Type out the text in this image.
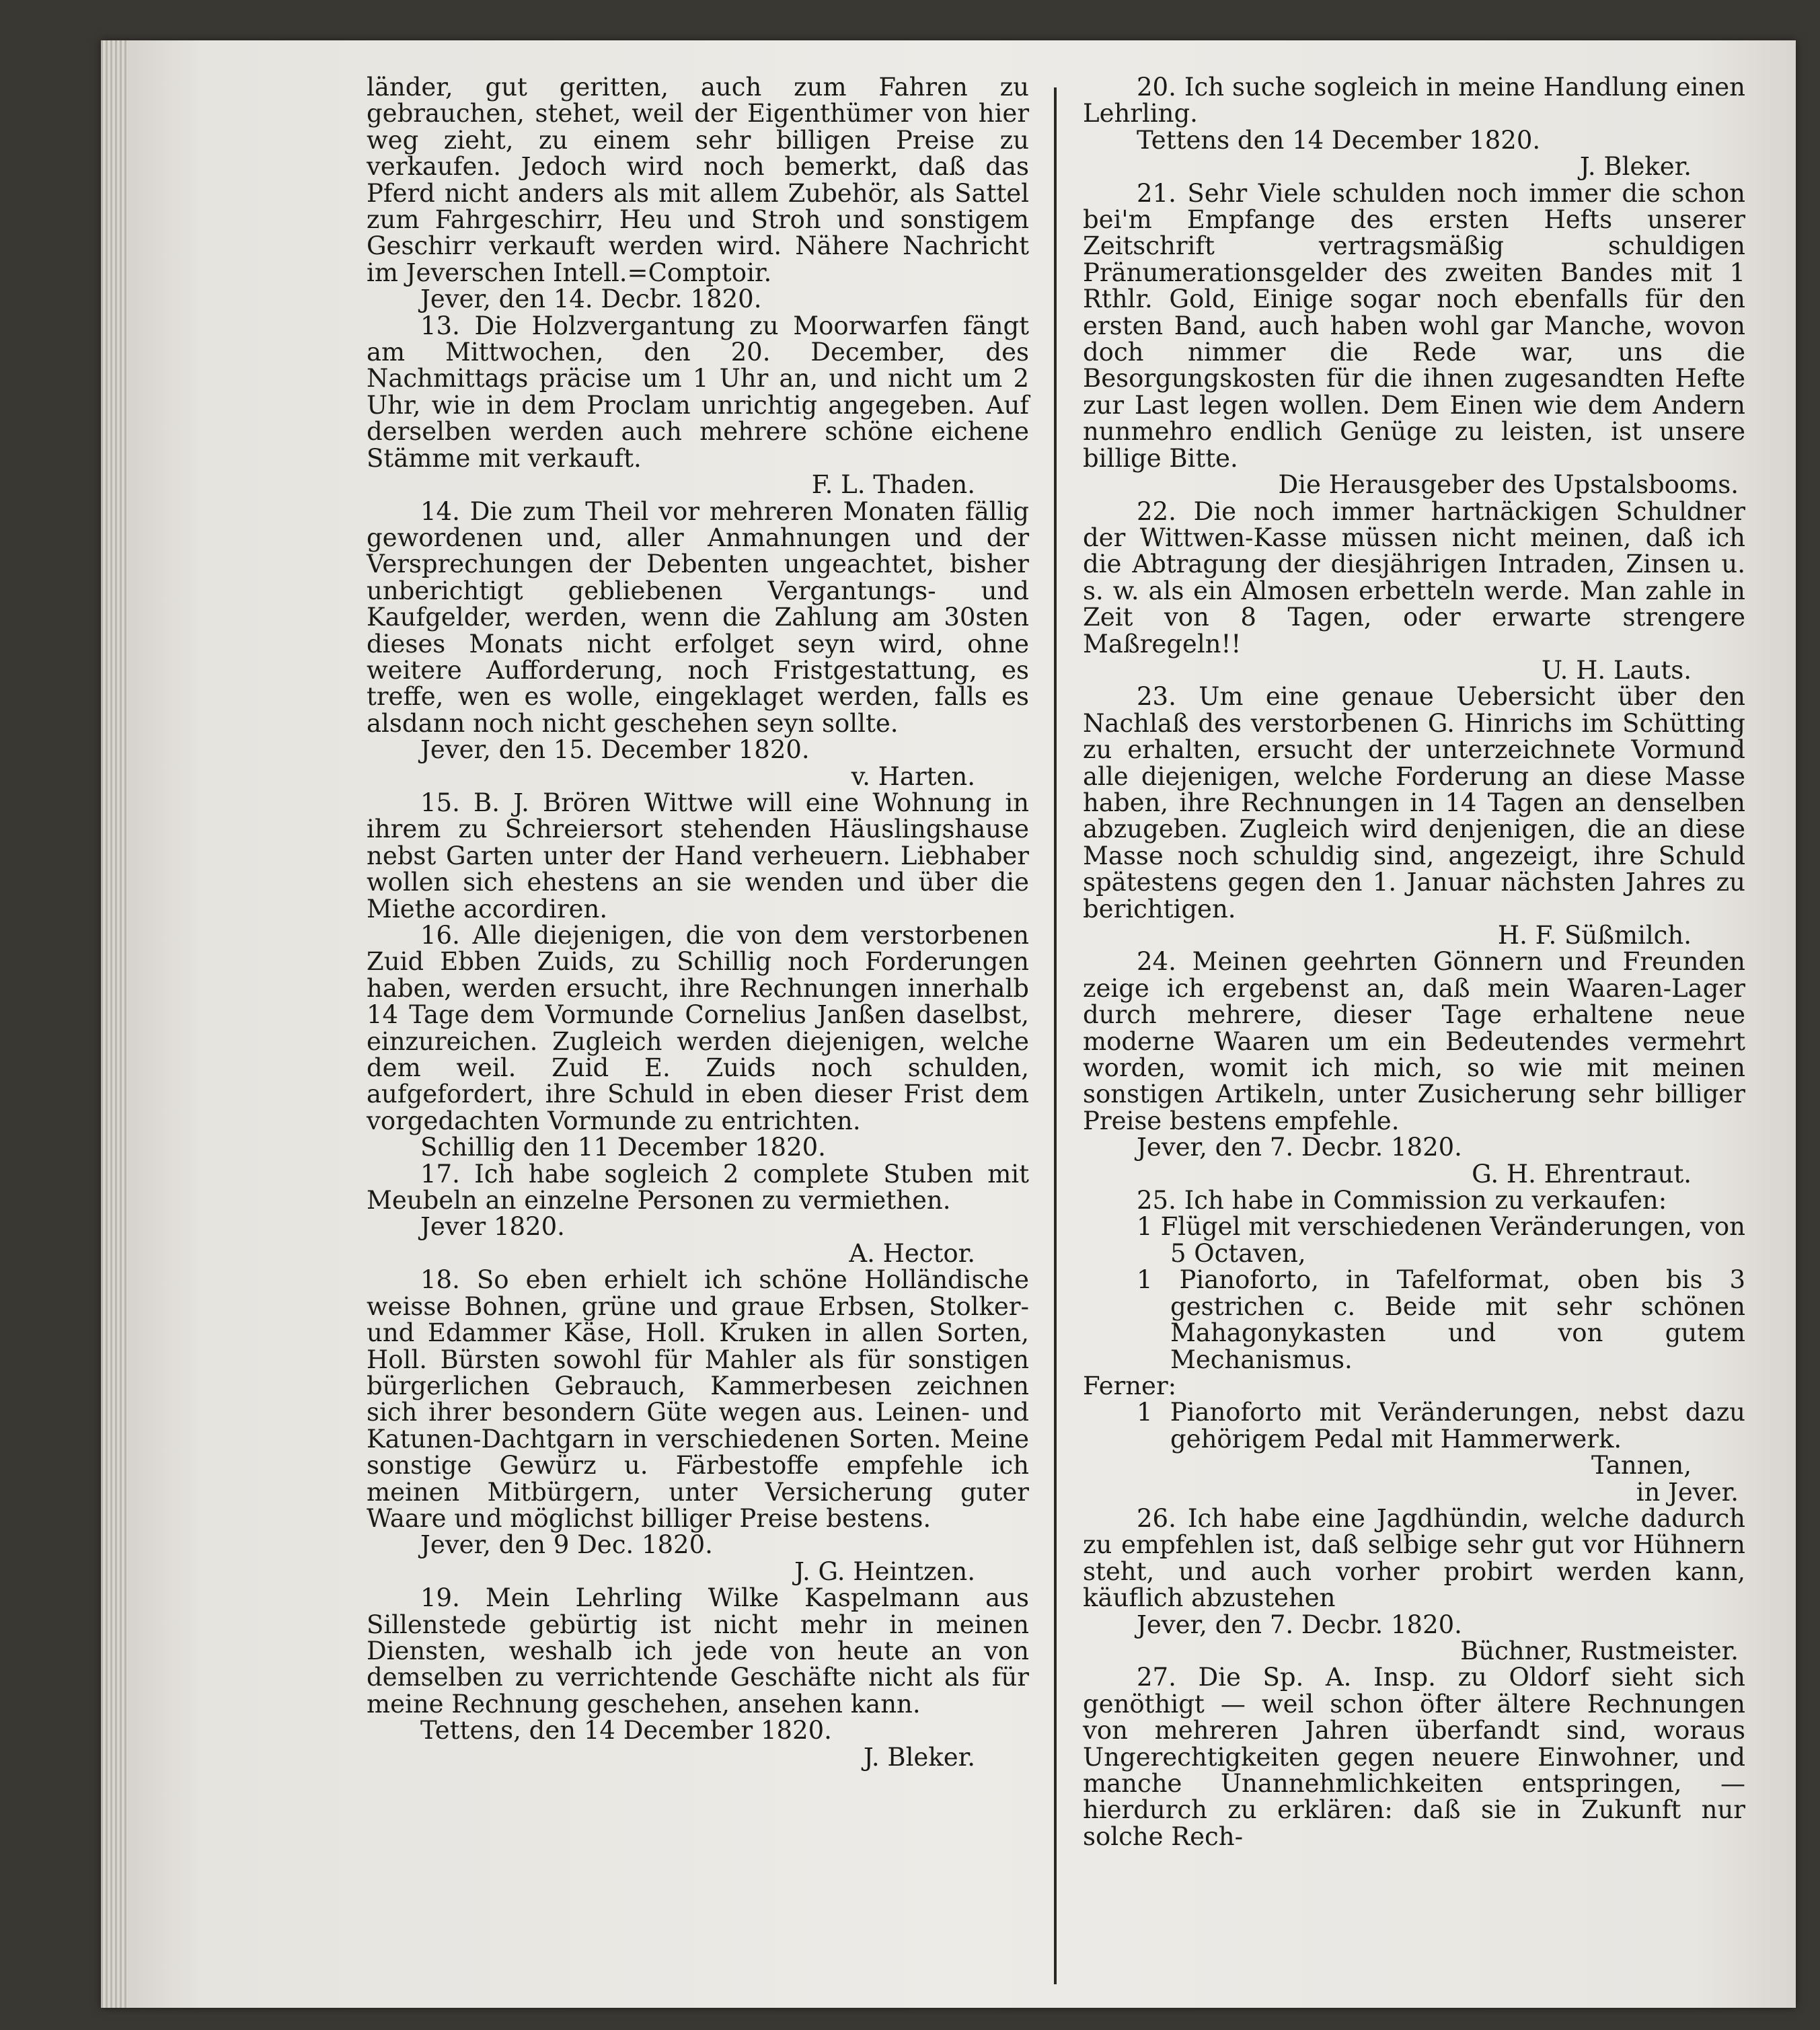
länder, gut geritten, auch zum Fahren zu gebrauchen, stehet, weil der Eigenthümer von hier weg zieht, zu einem sehr billigen Preise zu verkaufen. Jedoch wird noch bemerkt, daß das Pferd nicht anders als mit allem Zubehör, als Sattel zum Fahrgeschirr, Heu und Stroh und sonstigem Geschirr verkauft werden wird. Nähere Nachricht im Jeverschen Intell.=Comptoir.

Jever, den 14. Decbr. 1820.

13. Die Holzvergantung zu Moorwarfen fängt am Mittwochen, den 20. December, des Nachmittags präcise um 1 Uhr an, und nicht um 2 Uhr, wie in dem Proclam unrichtig angegeben. Auf derselben werden auch mehrere schöne eichene Stämme mit verkauft.

F. L. Thaden.

14. Die zum Theil vor mehreren Monaten fällig gewordenen und, aller Anmahnungen und der Versprechungen der Debenten ungeachtet, bisher unberichtigt gebliebenen Vergantungs- und Kaufgelder, werden, wenn die Zahlung am 30sten dieses Monats nicht erfolget seyn wird, ohne weitere Aufforderung, noch Fristgestattung, es treffe, wen es wolle, eingeklaget werden, falls es alsdann noch nicht geschehen seyn sollte.

Jever, den 15. December 1820.

v. Harten.

15. B. J. Brören Wittwe will eine Wohnung in ihrem zu Schreiersort stehenden Häuslingshause nebst Garten unter der Hand verheuern. Liebhaber wollen sich ehestens an sie wenden und über die Miethe accordiren.

16. Alle diejenigen, die von dem verstorbenen Zuid Ebben Zuids, zu Schillig noch Forderungen haben, werden ersucht, ihre Rechnungen innerhalb 14 Tage dem Vormunde Cornelius Janßen daselbst, einzureichen. Zugleich werden diejenigen, welche dem weil. Zuid E. Zuids noch schulden, aufgefordert, ihre Schuld in eben dieser Frist dem vorgedachten Vormunde zu entrichten.

Schillig den 11 December 1820.

17. Ich habe sogleich 2 complete Stuben mit Meubeln an einzelne Personen zu vermiethen.

Jever 1820.

A. Hector.

18. So eben erhielt ich schöne Holländische weisse Bohnen, grüne und graue Erbsen, Stolker- und Edammer Käse, Holl. Kruken in allen Sorten, Holl. Bürsten sowohl für Mahler als für sonstigen bürgerlichen Gebrauch, Kammerbesen zeichnen sich ihrer besondern Güte wegen aus. Leinen- und Katunen-Dachtgarn in verschiedenen Sorten. Meine sonstige Gewürz u. Färbestoffe empfehle ich meinen Mitbürgern, unter Versicherung guter Waare und möglichst billiger Preise bestens.

Jever, den 9 Dec. 1820.

J. G. Heintzen.

19. Mein Lehrling Wilke Kaspelmann aus Sillenstede gebürtig ist nicht mehr in meinen Diensten, weshalb ich jede von heute an von demselben zu verrichtende Geschäfte nicht als für meine Rechnung geschehen, ansehen kann.

Tettens, den 14 December 1820.

J. Bleker.

20. Ich suche sogleich in meine Handlung einen Lehrling.

Tettens den 14 December 1820.

J. Bleker.

21. Sehr Viele schulden noch immer die schon bei'm Empfange des ersten Hefts unserer Zeitschrift vertragsmäßig schuldigen Pränumerationsgelder des zweiten Bandes mit 1 Rthlr. Gold, Einige sogar noch ebenfalls für den ersten Band, auch haben wohl gar Manche, wovon doch nimmer die Rede war, uns die Besorgungskosten für die ihnen zugesandten Hefte zur Last legen wollen. Dem Einen wie dem Andern nunmehro endlich Genüge zu leisten, ist unsere billige Bitte.

Die Herausgeber des Upstalsbooms.

22. Die noch immer hartnäckigen Schuldner der Wittwen-Kasse müssen nicht meinen, daß ich die Abtragung der diesjährigen Intraden, Zinsen u. s. w. als ein Almosen erbetteln werde. Man zahle in Zeit von 8 Tagen, oder erwarte strengere Maßregeln!!

U. H. Lauts.

23. Um eine genaue Uebersicht über den Nachlaß des verstorbenen G. Hinrichs im Schütting zu erhalten, ersucht der unterzeichnete Vormund alle diejenigen, welche Forderung an diese Masse haben, ihre Rechnungen in 14 Tagen an denselben abzugeben. Zugleich wird denjenigen, die an diese Masse noch schuldig sind, angezeigt, ihre Schuld spätestens gegen den 1. Januar nächsten Jahres zu berichtigen.

H. F. Süßmilch.

24. Meinen geehrten Gönnern und Freunden zeige ich ergebenst an, daß mein Waaren-Lager durch mehrere, dieser Tage erhaltene neue moderne Waaren um ein Bedeutendes vermehrt worden, womit ich mich, so wie mit meinen sonstigen Artikeln, unter Zusicherung sehr billiger Preise bestens empfehle.

Jever, den 7. Decbr. 1820.

G. H. Ehrentraut.

25. Ich habe in Commission zu verkaufen:

1 Flügel mit verschiedenen Veränderungen, von 5 Octaven,

1 Pianoforto, in Tafelformat, oben bis 3 gestrichen c. Beide mit sehr schönen Mahagonykasten und von gutem Mechanismus.

Ferner:

1 Pianoforto mit Veränderungen, nebst dazu gehörigem Pedal mit Hammerwerk.

Tannen,

in Jever.

26. Ich habe eine Jagdhündin, welche dadurch zu empfehlen ist, daß selbige sehr gut vor Hühnern steht, und auch vorher probirt werden kann, käuflich abzustehen

Jever, den 7. Decbr. 1820.

Büchner, Rustmeister.

27. Die Sp. A. Insp. zu Oldorf sieht sich genöthigt — weil schon öfter ältere Rechnungen von mehreren Jahren überfandt sind, woraus Ungerechtigkeiten gegen neuere Einwohner, und manche Unannehmlichkeiten entspringen, — hierdurch zu erklären: daß sie in Zukunft nur solche Rech-
